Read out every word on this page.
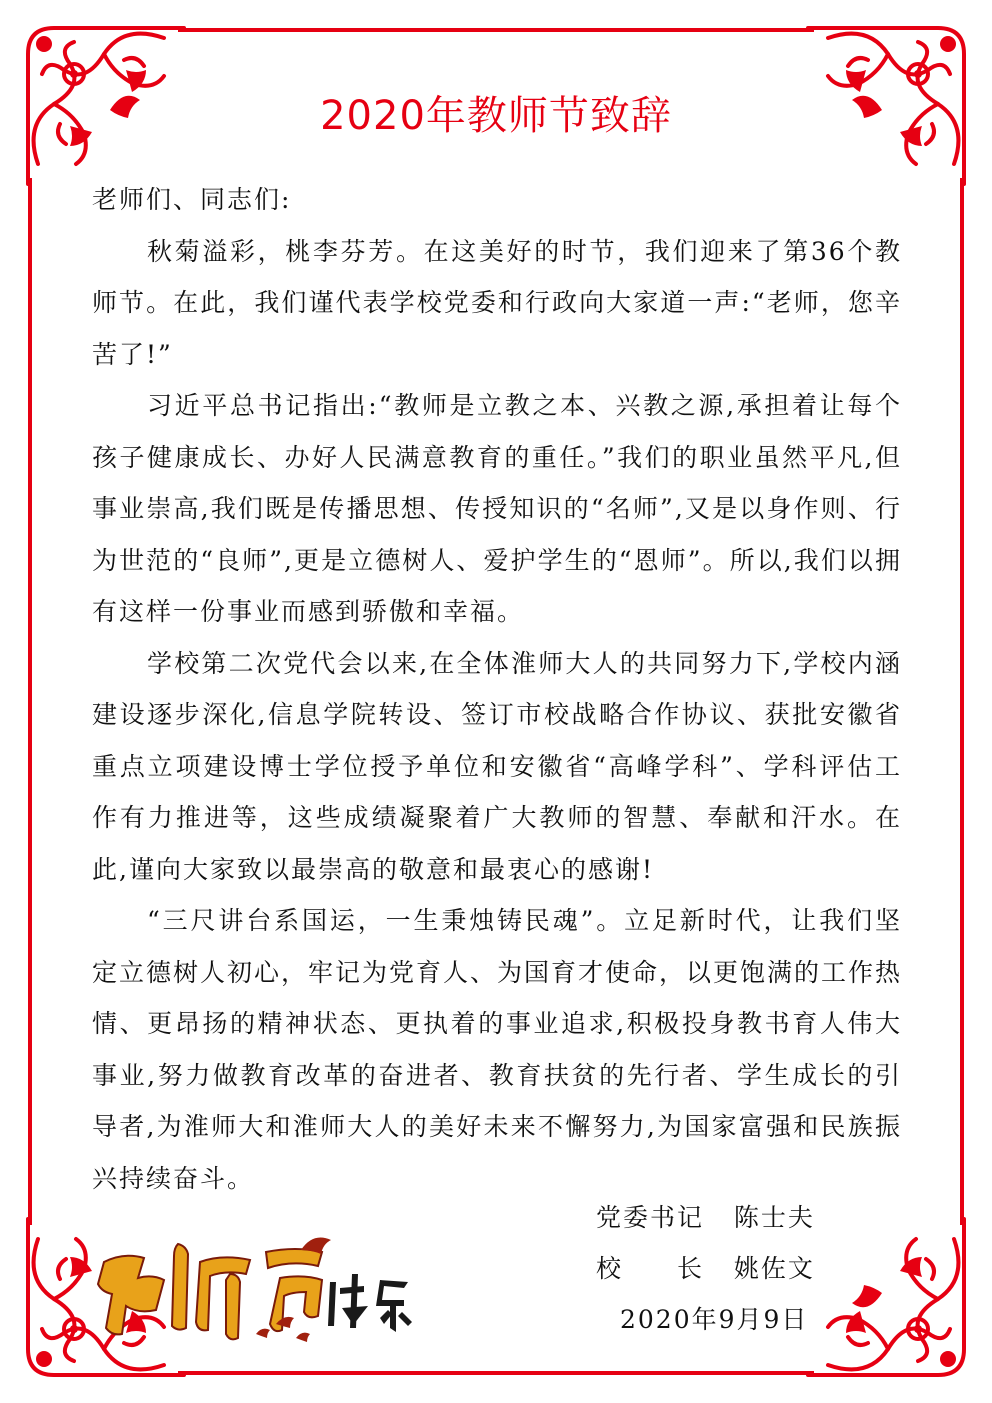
2020年教师节致辞

老师们、同志们:

秋菊溢彩，桃李芬芳。在这美好的时节，我们迎来了第36个教师节。在此，我们谨代表学校党委和行政向大家道一声:“老师，您辛苦了!”

习近平总书记指出:“教师是立教之本、兴教之源,承担着让每个孩子健康成长、办好人民满意教育的重任。”我们的职业虽然平凡,但事业崇高,我们既是传播思想、传授知识的“名师”,又是以身作则、行为世范的“良师”,更是立德树人、爱护学生的“恩师”。所以,我们以拥有这样一份事业而感到骄傲和幸福。

学校第二次党代会以来,在全体淮师大人的共同努力下,学校内涵建设逐步深化,信息学院转设、签订市校战略合作协议、获批安徽省重点立项建设博士学位授予单位和安徽省“高峰学科”、学科评估工作有力推进等，这些成绩凝聚着广大教师的智慧、奉献和汗水。在此,谨向大家致以最崇高的敬意和最衷心的感谢!

“三尺讲台系国运，一生秉烛铸民魂”。立足新时代，让我们坚定立德树人初心，牢记为党育人、为国育才使命，以更饱满的工作热情、更昂扬的精神状态、更执着的事业追求,积极投身教书育人伟大事业,努力做教育改革的奋进者、教育扶贫的先行者、学生成长的引导者,为淮师大和淮师大人的美好未来不懈努力,为国家富强和民族振兴持续奋斗。

党委书记 陈士夫
校　　长 姚佐文
2020年9月9日
